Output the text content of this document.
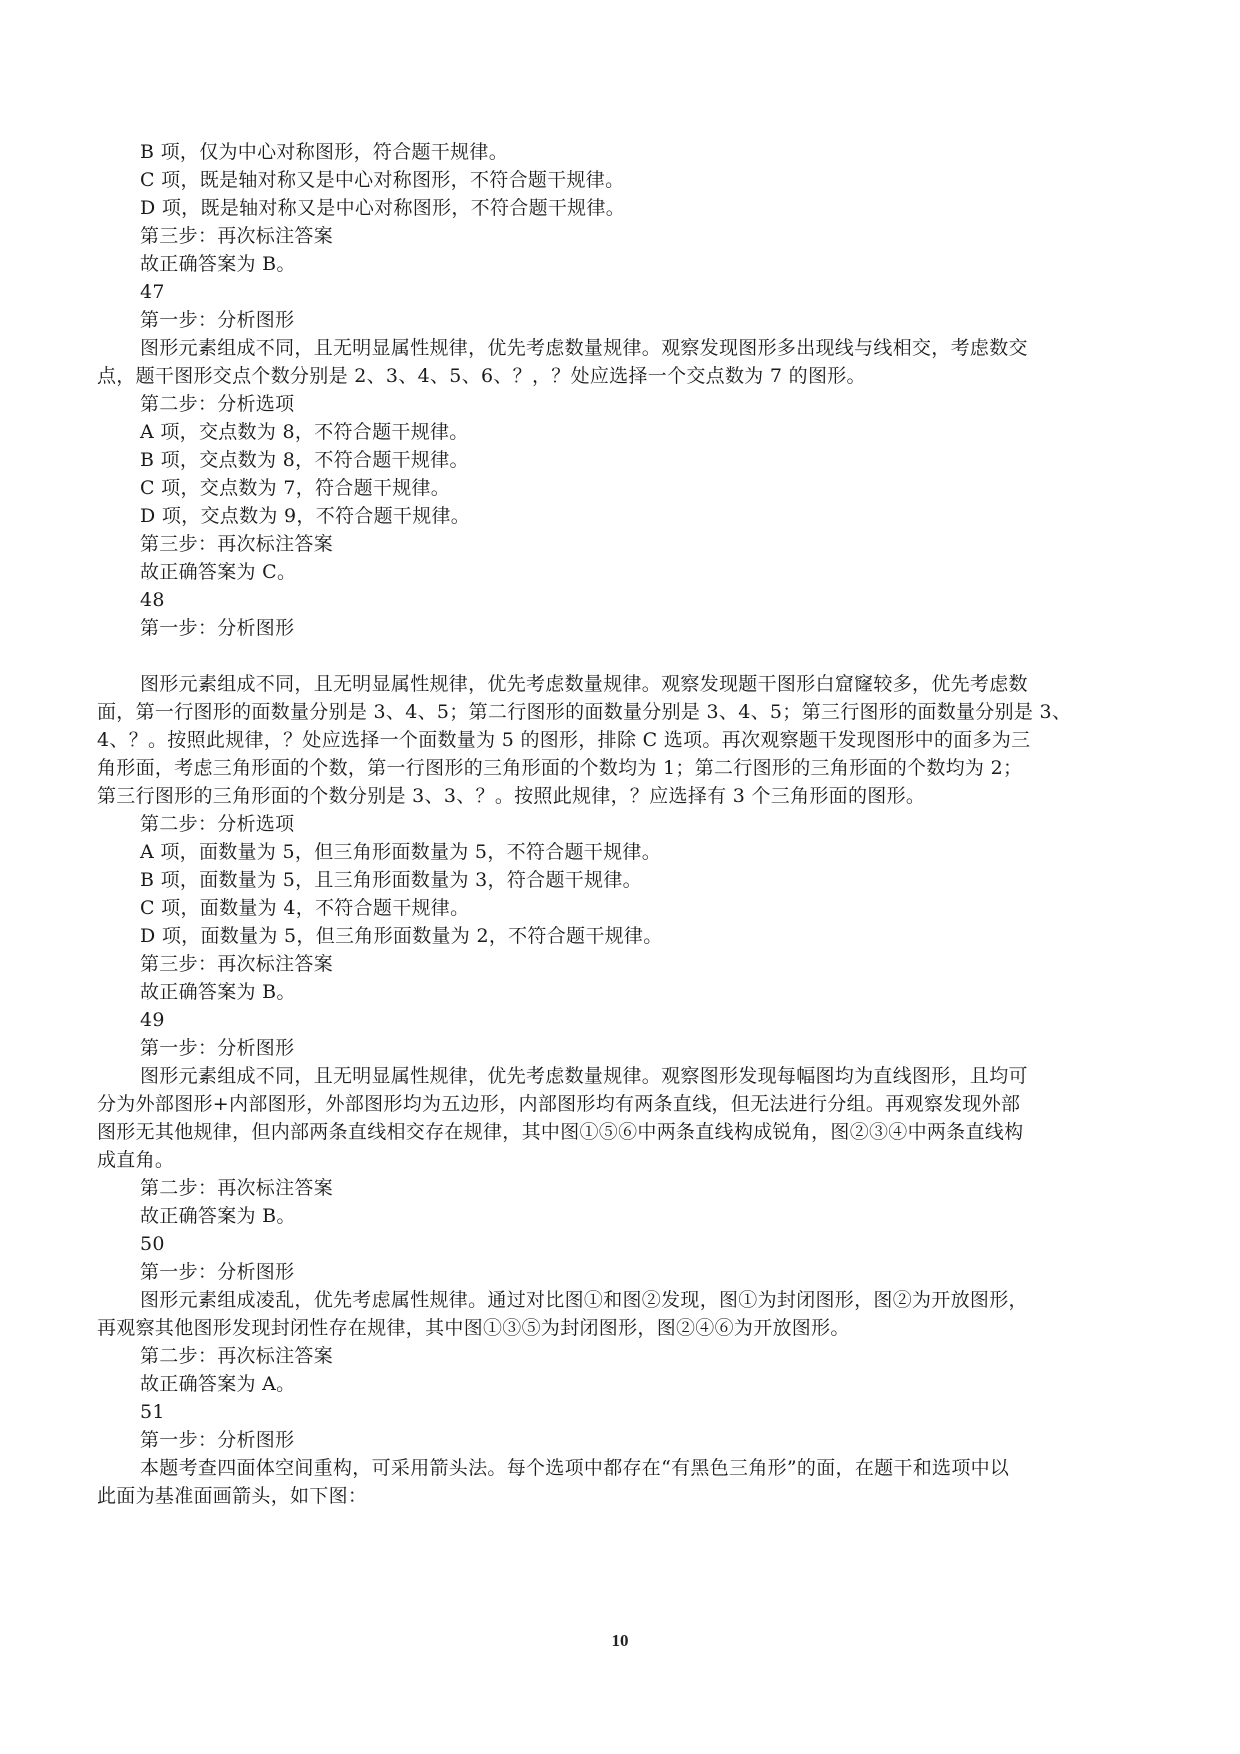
B 项，仅为中心对称图形，符合题干规律。
C 项，既是轴对称又是中心对称图形，不符合题干规律。
D 项，既是轴对称又是中心对称图形，不符合题干规律。
第三步：再次标注答案
故正确答案为 B。
47
第一步：分析图形
图形元素组成不同，且无明显属性规律，优先考虑数量规律。观察发现图形多出现线与线相交，考虑数交
点，题干图形交点个数分别是 2、3、4、5、6、？，？处应选择一个交点数为 7 的图形。
第二步：分析选项
A 项，交点数为 8，不符合题干规律。
B 项，交点数为 8，不符合题干规律。
C 项，交点数为 7，符合题干规律。
D 项，交点数为 9，不符合题干规律。
第三步：再次标注答案
故正确答案为 C。
48
第一步：分析图形
图形元素组成不同，且无明显属性规律，优先考虑数量规律。观察发现题干图形白窟窿较多，优先考虑数
面，第一行图形的面数量分别是 3、4、5；第二行图形的面数量分别是 3、4、5；第三行图形的面数量分别是 3、
4、？。按照此规律，？处应选择一个面数量为 5 的图形，排除 C 选项。再次观察题干发现图形中的面多为三
角形面，考虑三角形面的个数，第一行图形的三角形面的个数均为 1；第二行图形的三角形面的个数均为 2；
第三行图形的三角形面的个数分别是 3、3、？。按照此规律，？应选择有 3 个三角形面的图形。
第二步：分析选项
A 项，面数量为 5，但三角形面数量为 5，不符合题干规律。
B 项，面数量为 5，且三角形面数量为 3，符合题干规律。
C 项，面数量为 4，不符合题干规律。
D 项，面数量为 5，但三角形面数量为 2，不符合题干规律。
第三步：再次标注答案
故正确答案为 B。
49
第一步：分析图形
图形元素组成不同，且无明显属性规律，优先考虑数量规律。观察图形发现每幅图均为直线图形，且均可
分为外部图形+内部图形，外部图形均为五边形，内部图形均有两条直线，但无法进行分组。再观察发现外部
图形无其他规律，但内部两条直线相交存在规律，其中图①⑤⑥中两条直线构成锐角，图②③④中两条直线构
成直角。
第二步：再次标注答案
故正确答案为 B。
50
第一步：分析图形
图形元素组成凌乱，优先考虑属性规律。通过对比图①和图②发现，图①为封闭图形，图②为开放图形，
再观察其他图形发现封闭性存在规律，其中图①③⑤为封闭图形，图②④⑥为开放图形。
第二步：再次标注答案
故正确答案为 A。
51
第一步：分析图形
本题考查四面体空间重构，可采用箭头法。每个选项中都存在“有黑色三角形”的面，在题干和选项中以
此面为基准面画箭头，如下图：
10
